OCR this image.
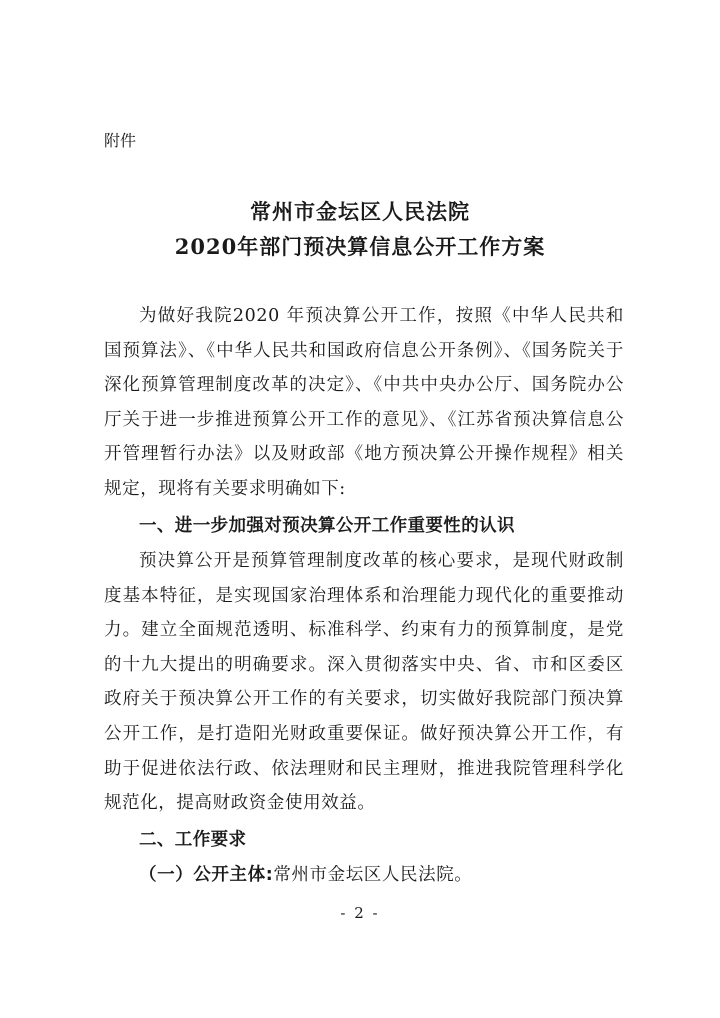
附件
常州市金坛区人民法院
2020年部门预决算信息公开工作方案

为做好我院2020 年预决算公开工作，按照《中华人民共和国预算法》、《中华人民共和国政府信息公开条例》、《国务院关于深化预算管理制度改革的决定》、《中共中央办公厅、国务院办公厅关于进一步推进预算公开工作的意见》、《江苏省预决算信息公开管理暂行办法》以及财政部《地方预决算公开操作规程》相关规定，现将有关要求明确如下:

一、进一步加强对预决算公开工作重要性的认识

预决算公开是预算管理制度改革的核心要求，是现代财政制度基本特征，是实现国家治理体系和治理能力现代化的重要推动力。建立全面规范透明、标准科学、约束有力的预算制度，是党的十九大提出的明确要求。深入贯彻落实中央、省、市和区委区政府关于预决算公开工作的有关要求，切实做好我院部门预决算公开工作，是打造阳光财政重要保证。做好预决算公开工作，有助于促进依法行政、依法理财和民主理财，推进我院管理科学化规范化，提高财政资金使用效益。

二、工作要求
（一）公开主体:常州市金坛区人民法院。
- 2 -
